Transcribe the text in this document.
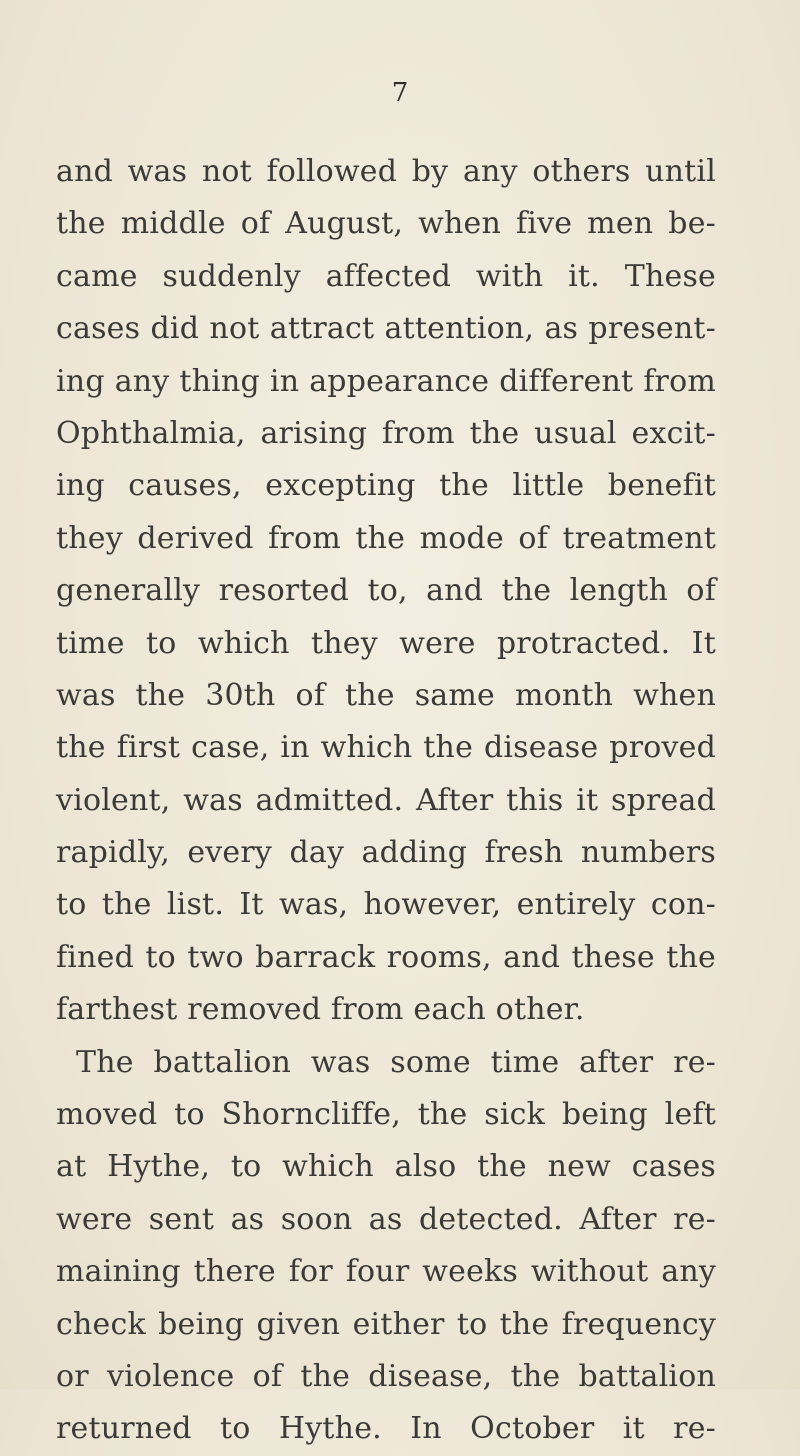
7
and was not followed by any others until
the middle of August, when five men be-
came suddenly affected with it. These
cases did not attract attention, as present-
ing any thing in appearance different from
Ophthalmia, arising from the usual excit-
ing causes, excepting the little benefit
they derived from the mode of treatment
generally resorted to, and the length of
time to which they were protracted. It
was the 30th of the same month when
the first case, in which the disease proved
violent, was admitted. After this it spread
rapidly, every day adding fresh numbers
to the list. It was, however, entirely con-
fined to two barrack rooms, and these the
farthest removed from each other.
The battalion was some time after re-
moved to Shorncliffe, the sick being left
at Hythe, to which also the new cases
were sent as soon as detected. After re-
maining there for four weeks without any
check being given either to the frequency
or violence of the disease, the battalion
returned to Hythe. In October it re-
